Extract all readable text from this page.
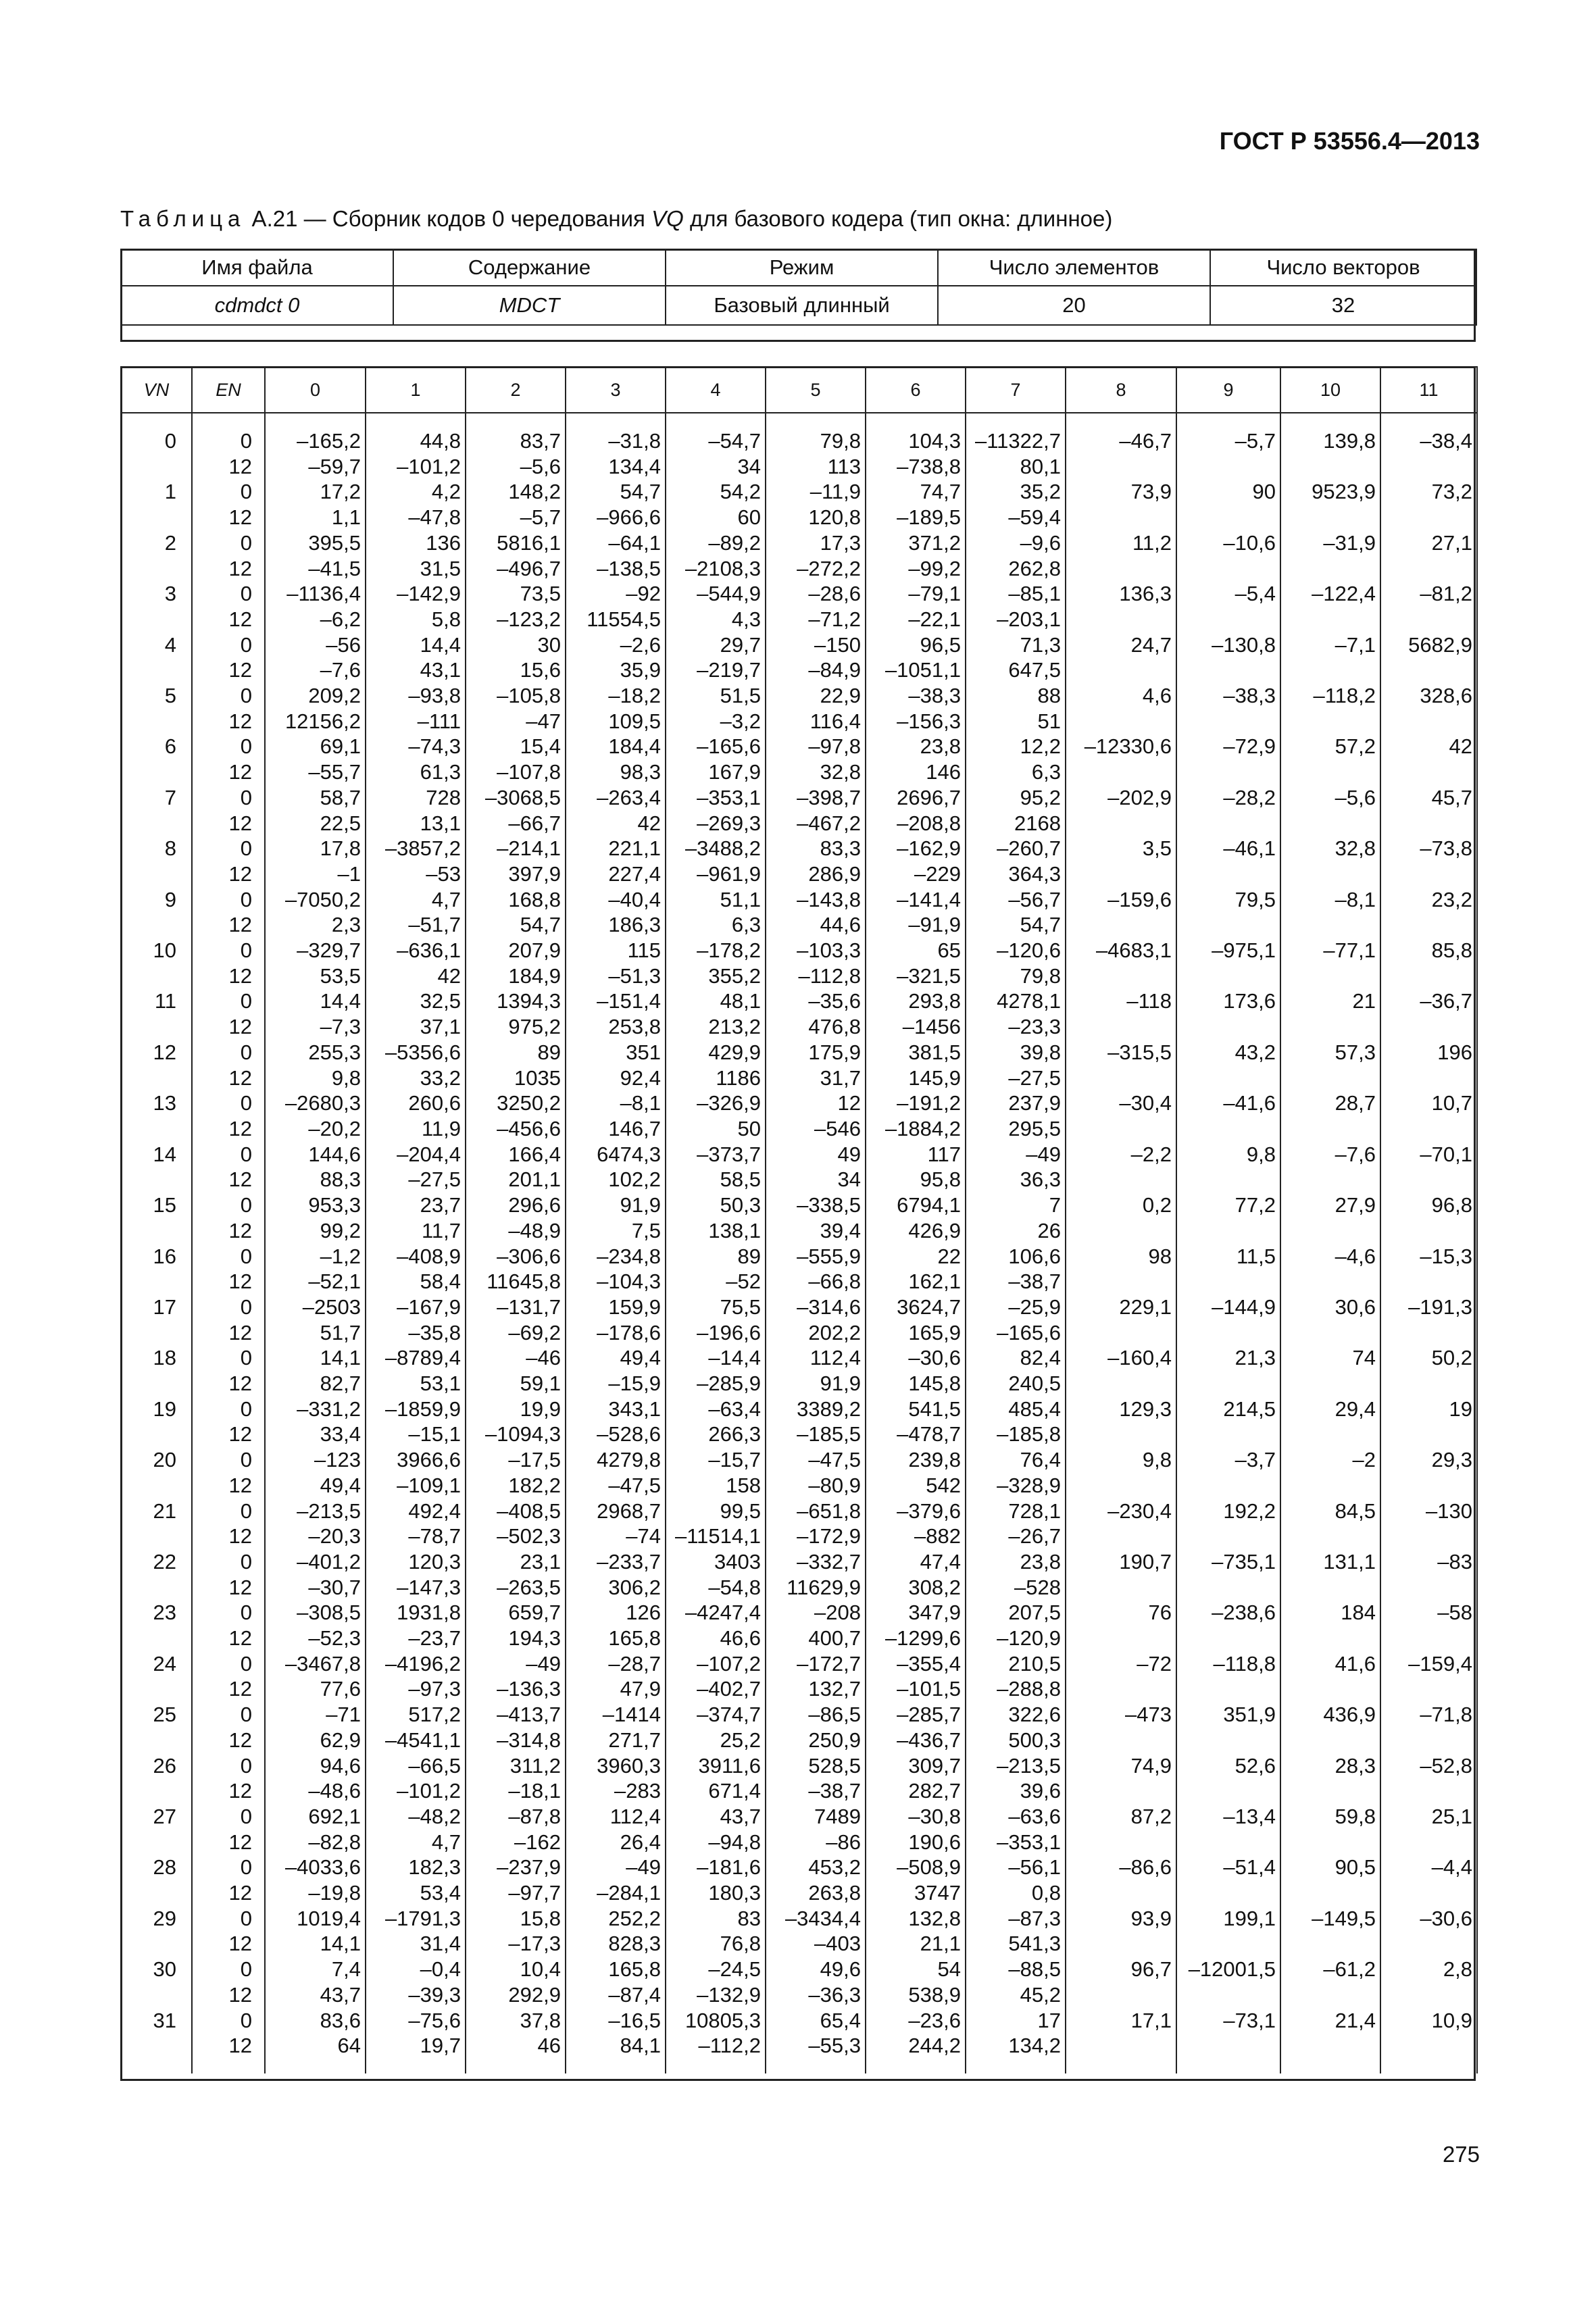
ГОСТ Р 53556.4—2013
Таблица А.21 — Сборник кодов 0 чередования VQ для базового кодера (тип окна: длинное)
Имя файла	Содержание	Режим	Число элементов	Число векторов
cdmdct 0	MDCT	Базовый длинный	20	32
VN	EN	0	1	2	3	4	5	6	7	8	9	10	11
0	0	–165,2	44,8	83,7	–31,8	–54,7	79,8	104,3	–11322,7	–46,7	–5,7	139,8	–38,4
	12	–59,7	–101,2	–5,6	134,4	34	113	–738,8	80,1				
1	0	17,2	4,2	148,2	54,7	54,2	–11,9	74,7	35,2	73,9	90	9523,9	73,2
	12	1,1	–47,8	–5,7	–966,6	60	120,8	–189,5	–59,4				
2	0	395,5	136	5816,1	–64,1	–89,2	17,3	371,2	–9,6	11,2	–10,6	–31,9	27,1
	12	–41,5	31,5	–496,7	–138,5	–2108,3	–272,2	–99,2	262,8				
3	0	–1136,4	–142,9	73,5	–92	–544,9	–28,6	–79,1	–85,1	136,3	–5,4	–122,4	–81,2
	12	–6,2	5,8	–123,2	11554,5	4,3	–71,2	–22,1	–203,1				
4	0	–56	14,4	30	–2,6	29,7	–150	96,5	71,3	24,7	–130,8	–7,1	5682,9
	12	–7,6	43,1	15,6	35,9	–219,7	–84,9	–1051,1	647,5				
5	0	209,2	–93,8	–105,8	–18,2	51,5	22,9	–38,3	88	4,6	–38,3	–118,2	328,6
	12	12156,2	–111	–47	109,5	–3,2	116,4	–156,3	51				
6	0	69,1	–74,3	15,4	184,4	–165,6	–97,8	23,8	12,2	–12330,6	–72,9	57,2	42
	12	–55,7	61,3	–107,8	98,3	167,9	32,8	146	6,3				
7	0	58,7	728	–3068,5	–263,4	–353,1	–398,7	2696,7	95,2	–202,9	–28,2	–5,6	45,7
	12	22,5	13,1	–66,7	42	–269,3	–467,2	–208,8	2168				
8	0	17,8	–3857,2	–214,1	221,1	–3488,2	83,3	–162,9	–260,7	3,5	–46,1	32,8	–73,8
	12	–1	–53	397,9	227,4	–961,9	286,9	–229	364,3				
9	0	–7050,2	4,7	168,8	–40,4	51,1	–143,8	–141,4	–56,7	–159,6	79,5	–8,1	23,2
	12	2,3	–51,7	54,7	186,3	6,3	44,6	–91,9	54,7				
10	0	–329,7	–636,1	207,9	115	–178,2	–103,3	65	–120,6	–4683,1	–975,1	–77,1	85,8
	12	53,5	42	184,9	–51,3	355,2	–112,8	–321,5	79,8				
11	0	14,4	32,5	1394,3	–151,4	48,1	–35,6	293,8	4278,1	–118	173,6	21	–36,7
	12	–7,3	37,1	975,2	253,8	213,2	476,8	–1456	–23,3				
12	0	255,3	–5356,6	89	351	429,9	175,9	381,5	39,8	–315,5	43,2	57,3	196
	12	9,8	33,2	1035	92,4	1186	31,7	145,9	–27,5				
13	0	–2680,3	260,6	3250,2	–8,1	–326,9	12	–191,2	237,9	–30,4	–41,6	28,7	10,7
	12	–20,2	11,9	–456,6	146,7	50	–546	–1884,2	295,5				
14	0	144,6	–204,4	166,4	6474,3	–373,7	49	117	–49	–2,2	9,8	–7,6	–70,1
	12	88,3	–27,5	201,1	102,2	58,5	34	95,8	36,3				
15	0	953,3	23,7	296,6	91,9	50,3	–338,5	6794,1	7	0,2	77,2	27,9	96,8
	12	99,2	11,7	–48,9	7,5	138,1	39,4	426,9	26				
16	0	–1,2	–408,9	–306,6	–234,8	89	–555,9	22	106,6	98	11,5	–4,6	–15,3
	12	–52,1	58,4	11645,8	–104,3	–52	–66,8	162,1	–38,7				
17	0	–2503	–167,9	–131,7	159,9	75,5	–314,6	3624,7	–25,9	229,1	–144,9	30,6	–191,3
	12	51,7	–35,8	–69,2	–178,6	–196,6	202,2	165,9	–165,6				
18	0	14,1	–8789,4	–46	49,4	–14,4	112,4	–30,6	82,4	–160,4	21,3	74	50,2
	12	82,7	53,1	59,1	–15,9	–285,9	91,9	145,8	240,5				
19	0	–331,2	–1859,9	19,9	343,1	–63,4	3389,2	541,5	485,4	129,3	214,5	29,4	19
	12	33,4	–15,1	–1094,3	–528,6	266,3	–185,5	–478,7	–185,8				
20	0	–123	3966,6	–17,5	4279,8	–15,7	–47,5	239,8	76,4	9,8	–3,7	–2	29,3
	12	49,4	–109,1	182,2	–47,5	158	–80,9	542	–328,9				
21	0	–213,5	492,4	–408,5	2968,7	99,5	–651,8	–379,6	728,1	–230,4	192,2	84,5	–130
	12	–20,3	–78,7	–502,3	–74	–11514,1	–172,9	–882	–26,7				
22	0	–401,2	120,3	23,1	–233,7	3403	–332,7	47,4	23,8	190,7	–735,1	131,1	–83
	12	–30,7	–147,3	–263,5	306,2	–54,8	11629,9	308,2	–528				
23	0	–308,5	1931,8	659,7	126	–4247,4	–208	347,9	207,5	76	–238,6	184	–58
	12	–52,3	–23,7	194,3	165,8	46,6	400,7	–1299,6	–120,9				
24	0	–3467,8	–4196,2	–49	–28,7	–107,2	–172,7	–355,4	210,5	–72	–118,8	41,6	–159,4
	12	77,6	–97,3	–136,3	47,9	–402,7	132,7	–101,5	–288,8				
25	0	–71	517,2	–413,7	–1414	–374,7	–86,5	–285,7	322,6	–473	351,9	436,9	–71,8
	12	62,9	–4541,1	–314,8	271,7	25,2	250,9	–436,7	500,3				
26	0	94,6	–66,5	311,2	3960,3	3911,6	528,5	309,7	–213,5	74,9	52,6	28,3	–52,8
	12	–48,6	–101,2	–18,1	–283	671,4	–38,7	282,7	39,6				
27	0	692,1	–48,2	–87,8	112,4	43,7	7489	–30,8	–63,6	87,2	–13,4	59,8	25,1
	12	–82,8	4,7	–162	26,4	–94,8	–86	190,6	–353,1				
28	0	–4033,6	182,3	–237,9	–49	–181,6	453,2	–508,9	–56,1	–86,6	–51,4	90,5	–4,4
	12	–19,8	53,4	–97,7	–284,1	180,3	263,8	3747	0,8				
29	0	1019,4	–1791,3	15,8	252,2	83	–3434,4	132,8	–87,3	93,9	199,1	–149,5	–30,6
	12	14,1	31,4	–17,3	828,3	76,8	–403	21,1	541,3				
30	0	7,4	–0,4	10,4	165,8	–24,5	49,6	54	–88,5	96,7	–12001,5	–61,2	2,8
	12	43,7	–39,3	292,9	–87,4	–132,9	–36,3	538,9	45,2				
31	0	83,6	–75,6	37,8	–16,5	10805,3	65,4	–23,6	17	17,1	–73,1	21,4	10,9
	12	64	19,7	46	84,1	–112,2	–55,3	244,2	134,2				
275
